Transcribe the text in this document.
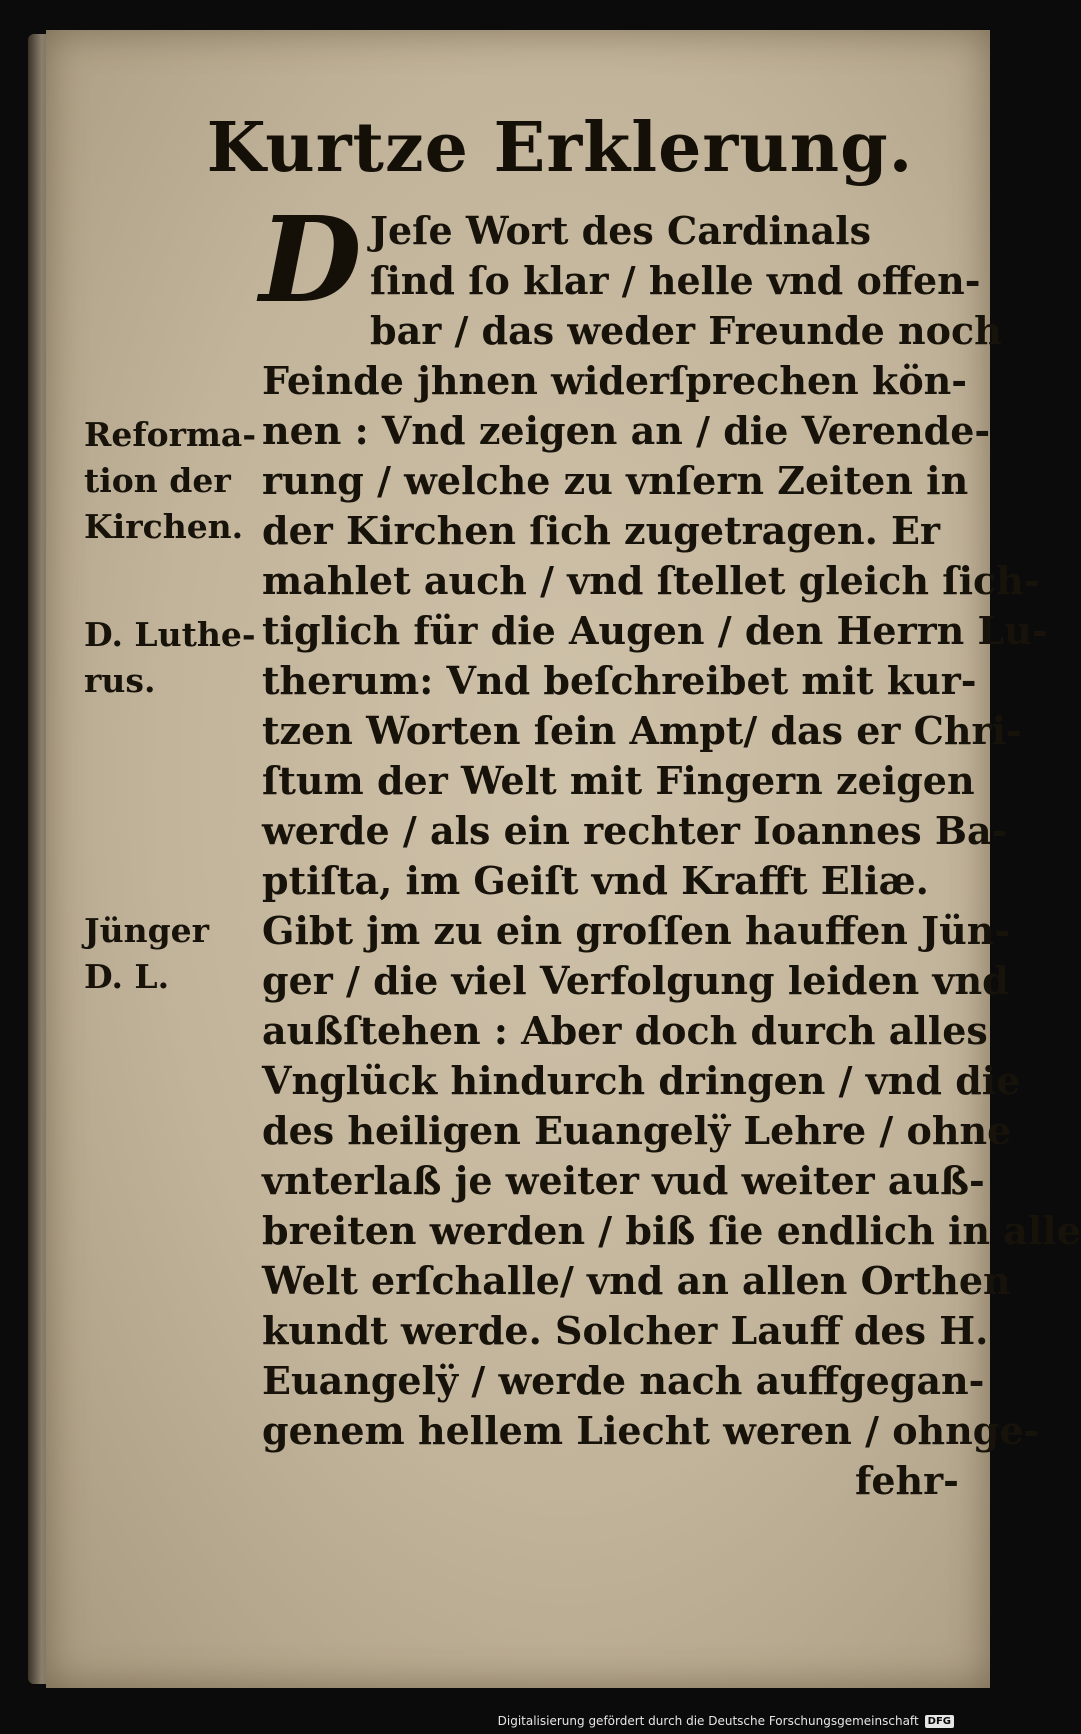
Kurtze Erklerung.
D Jeſe Wort des Cardinals
ſind ſo klar / helle vnd offen-
bar / das weder Freunde noch
Feinde jhnen widerſprechen kön-
nen : Vnd zeigen an / die Verende-
rung / welche zu vnſern Zeiten in
der Kirchen ſich zugetragen. Er
mahlet auch / vnd ſtellet gleich ſich-
tiglich für die Augen / den Herrn Lu-
therum: Vnd beſchreibet mit kur-
tzen Worten ſein Ampt/ das er Chri-
ſtum der Welt mit Fingern zeigen
werde / als ein rechter Ioannes Ba-
ptiſta, im Geiſt vnd Krafft Eliæ.
Gibt jm zu ein groſſen hauffen Jün-
ger / die viel Verfolgung leiden vnd
außſtehen : Aber doch durch alles
Vnglück hindurch dringen / vnd die
des heiligen Euangelÿ Lehre / ohne
vnterlaß je weiter vud weiter auß-
breiten werden / biß ſie endlich in alle
Welt erſchalle/ vnd an allen Orthen
kundt werde. Solcher Lauff des H.
Euangelÿ / werde nach auffgegan-
genem hellem Liecht weren / ohnge-
fehr-
Reforma-
tion der
Kirchen.
D. Luthe-
rus.
Jünger
D. L.
Digitalisierung gefördert durch die Deutsche Forschungsgemeinschaft DFG
